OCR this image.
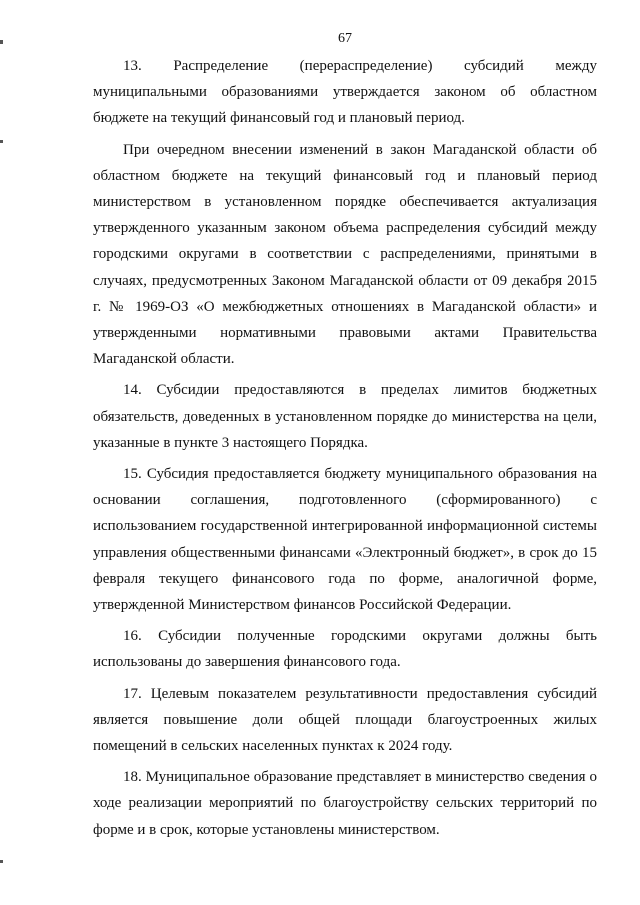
67

13. Распределение (перераспределение) субсидий между муниципальными образованиями утверждается законом об областном бюджете на текущий финансовый год и плановый период.

При очередном внесении изменений в закон Магаданской области об областном бюджете на текущий финансовый год и плановый период министерством в установленном порядке обеспечивается актуализация утвержденного указанным законом объема распределения субсидий между городскими округами в соответствии с распределениями, принятыми в случаях, предусмотренных Законом Магаданской области от 09 декабря 2015 г. № 1969-ОЗ «О межбюджетных отношениях в Магаданской области» и утвержденными нормативными правовыми актами Правительства Магаданской области.

14. Субсидии предоставляются в пределах лимитов бюджетных обязательств, доведенных в установленном порядке до министерства на цели, указанные в пункте 3 настоящего Порядка.

15. Субсидия предоставляется бюджету муниципального образования на основании соглашения, подготовленного (сформированного) с использованием государственной интегрированной информационной системы управления общественными финансами «Электронный бюджет», в срок до 15 февраля текущего финансового года по форме, аналогичной форме, утвержденной Министерством финансов Российской Федерации.

16. Субсидии полученные городскими округами должны быть использованы до завершения финансового года.

17. Целевым показателем результативности предоставления субсидий является повышение доли общей площади благоустроенных жилых помещений в сельских населенных пунктах к 2024 году.

18. Муниципальное образование представляет в министерство сведения о ходе реализации мероприятий по благоустройству сельских территорий по форме и в срок, которые установлены министерством.
